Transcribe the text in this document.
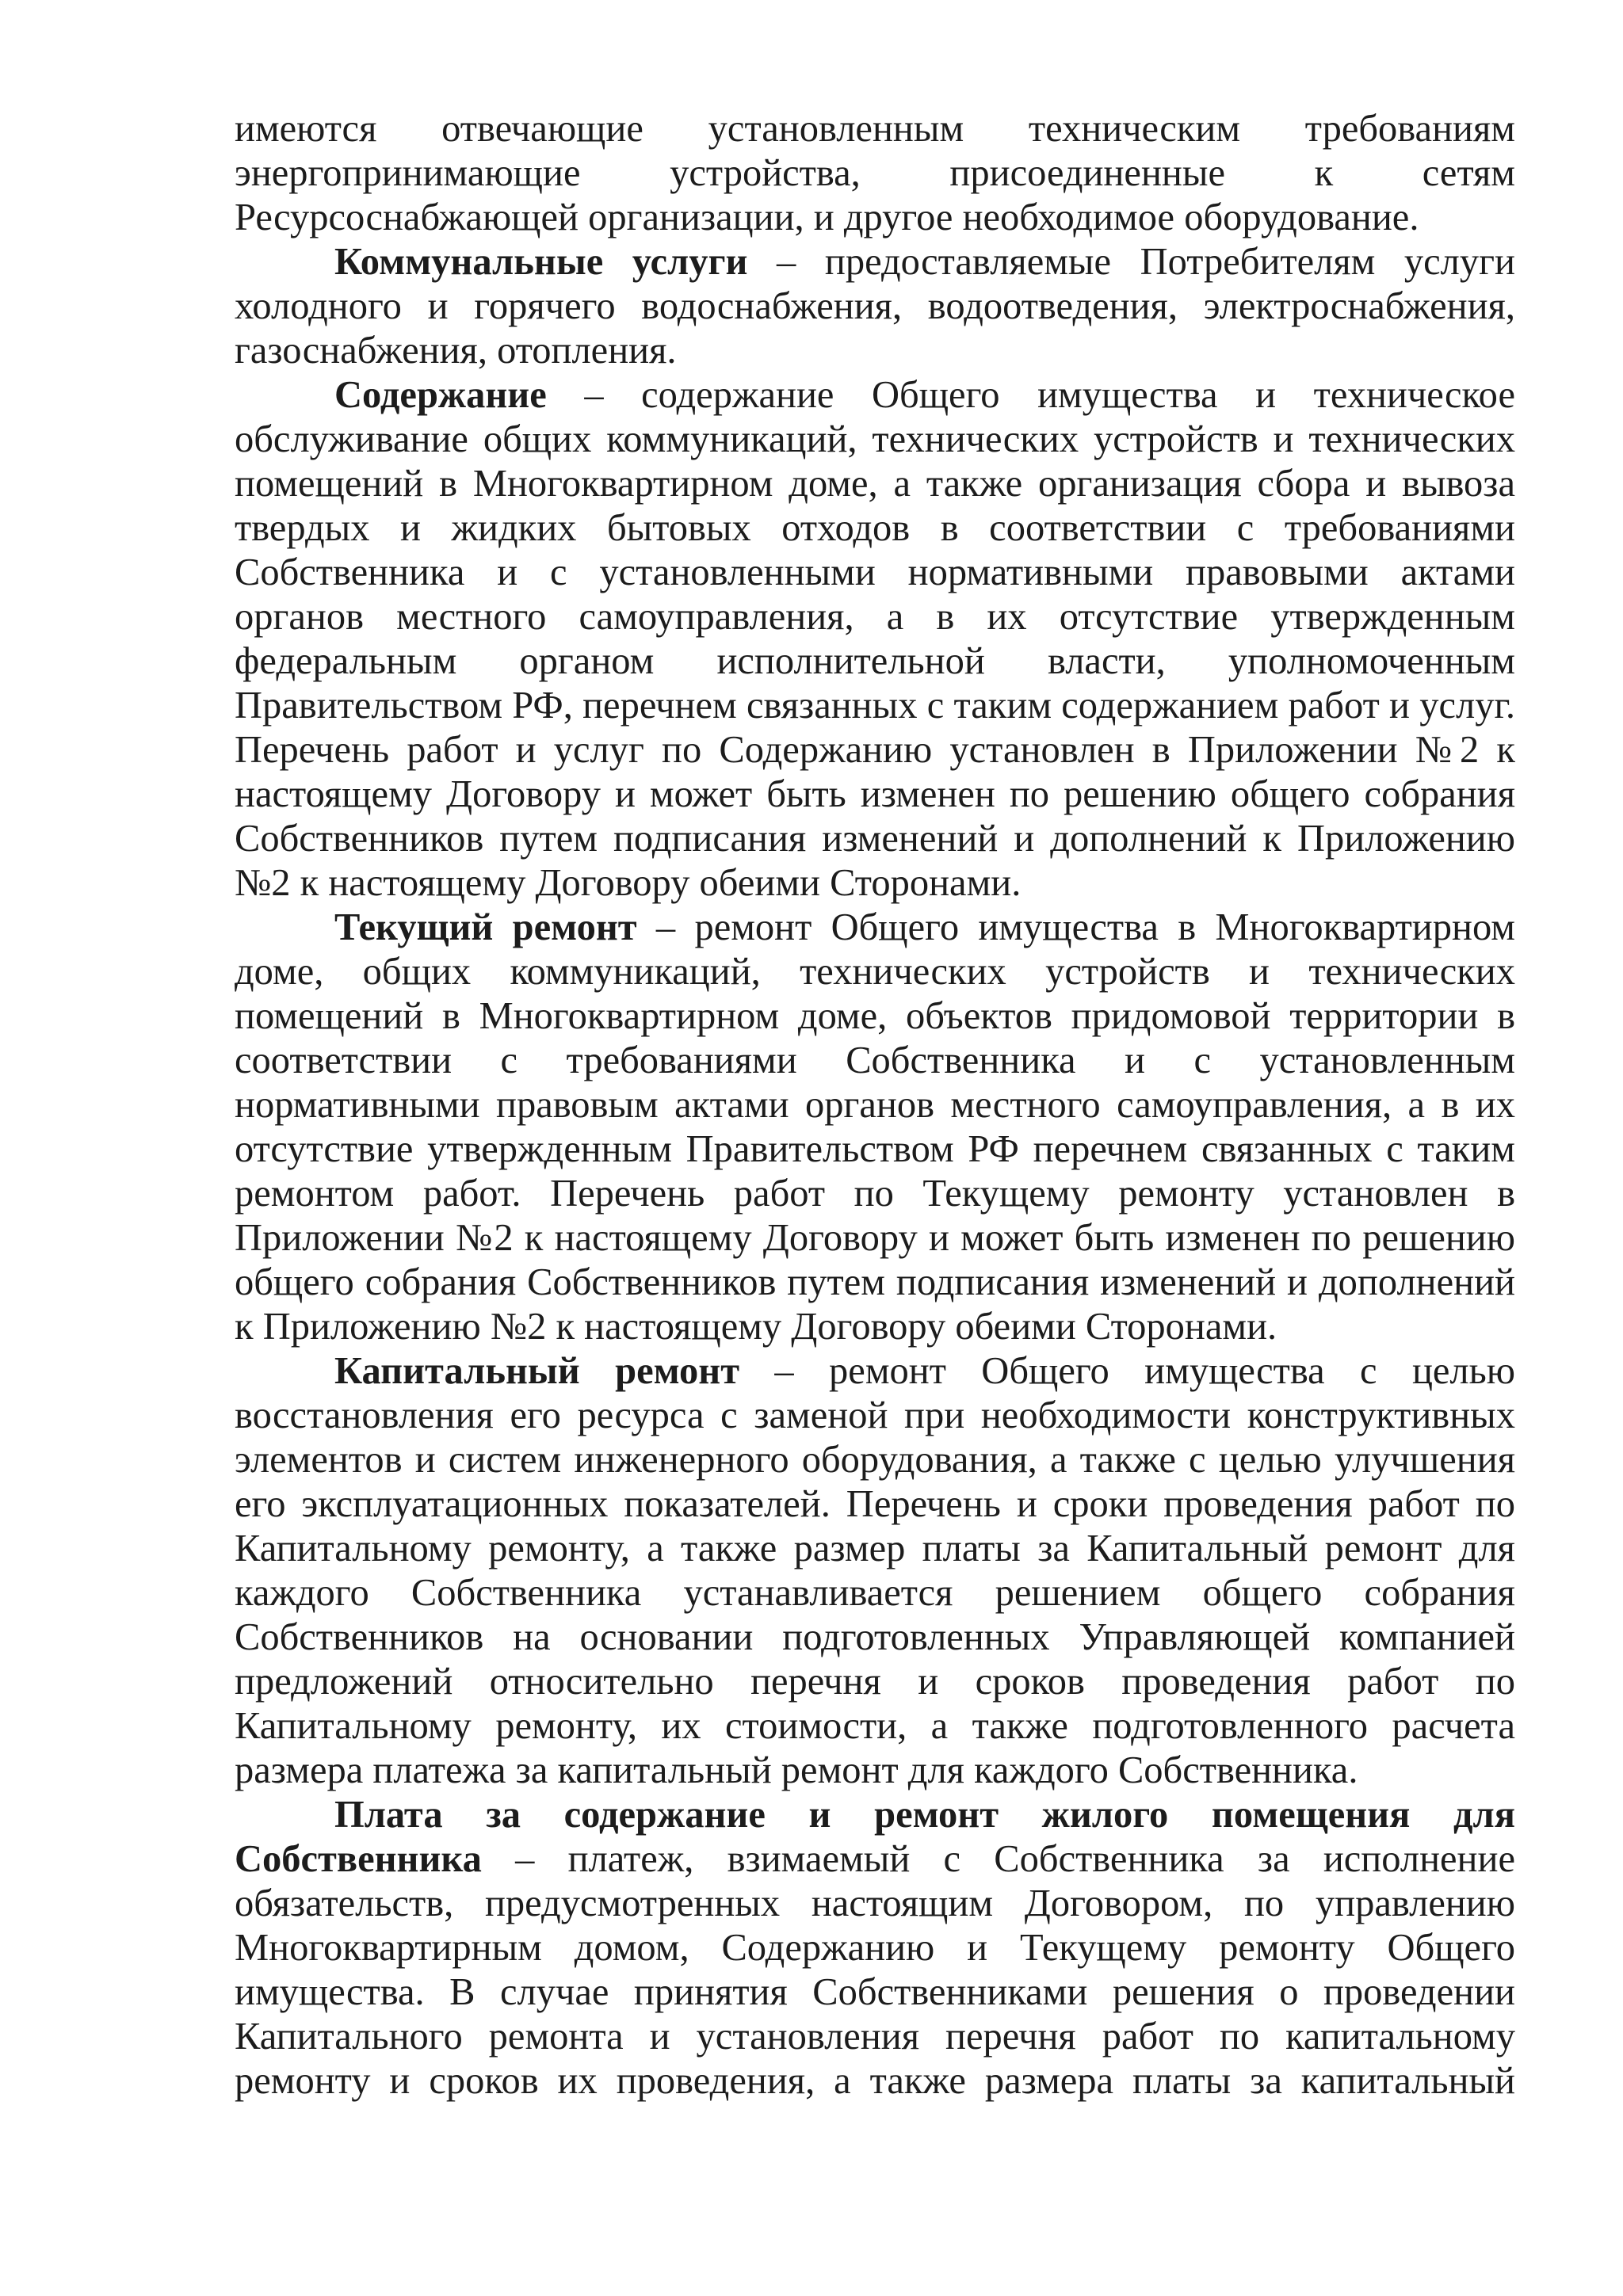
имеются отвечающие установленным техническим требованиям энергопринимающие устройства, присоединенные к сетям Ресурсоснабжающей организации, и другое необходимое оборудование.

Коммунальные услуги – предоставляемые Потребителям услуги холодного и горячего водоснабжения, водоотведения, электроснабжения, газоснабжения, отопления.

Содержание – содержание Общего имущества и техническое обслуживание общих коммуникаций, технических устройств и технических помещений в Многоквартирном доме, а также организация сбора и вывоза твердых и жидких бытовых отходов в соответствии с требованиями Собственника и с установленными нормативными правовыми актами органов местного самоуправления, а в их отсутствие утвержденным федеральным органом исполнительной власти, уполномоченным Правительством РФ, перечнем связанных с таким содержанием работ и услуг. Перечень работ и услуг по Содержанию установлен в Приложении №2 к настоящему Договору и может быть изменен по решению общего собрания Собственников путем подписания изменений и дополнений к Приложению №2 к настоящему Договору обеими Сторонами.

Текущий ремонт – ремонт Общего имущества в Многоквартирном доме, общих коммуникаций, технических устройств и технических помещений в Многоквартирном доме, объектов придомовой территории в соответствии с требованиями Собственника и с установленным нормативными правовым актами органов местного самоуправления, а в их отсутствие утвержденным Правительством РФ перечнем связанных с таким ремонтом работ. Перечень работ по Текущему ремонту установлен в Приложении №2 к настоящему Договору и может быть изменен по решению общего собрания Собственников путем подписания изменений и дополнений к Приложению №2 к настоящему Договору обеими Сторонами.

Капитальный ремонт – ремонт Общего имущества с целью восстановления его ресурса с заменой при необходимости конструктивных элементов и систем инженерного оборудования, а также с целью улучшения его эксплуатационных показателей. Перечень и сроки проведения работ по Капитальному ремонту, а также размер платы за Капитальный ремонт для каждого Собственника устанавливается решением общего собрания Собственников на основании подготовленных Управляющей компанией предложений относительно перечня и сроков проведения работ по Капитальному ремонту, их стоимости, а также подготовленного расчета размера платежа за капитальный ремонт для каждого Собственника.

Плата за содержание и ремонт жилого помещения для Собственника – платеж, взимаемый с Собственника за исполнение обязательств, предусмотренных настоящим Договором, по управлению Многоквартирным домом, Содержанию и Текущему ремонту Общего имущества. В случае принятия Собственниками решения о проведении Капитального ремонта и установления перечня работ по капитальному ремонту и сроков их проведения, а также размера платы за капитальный
